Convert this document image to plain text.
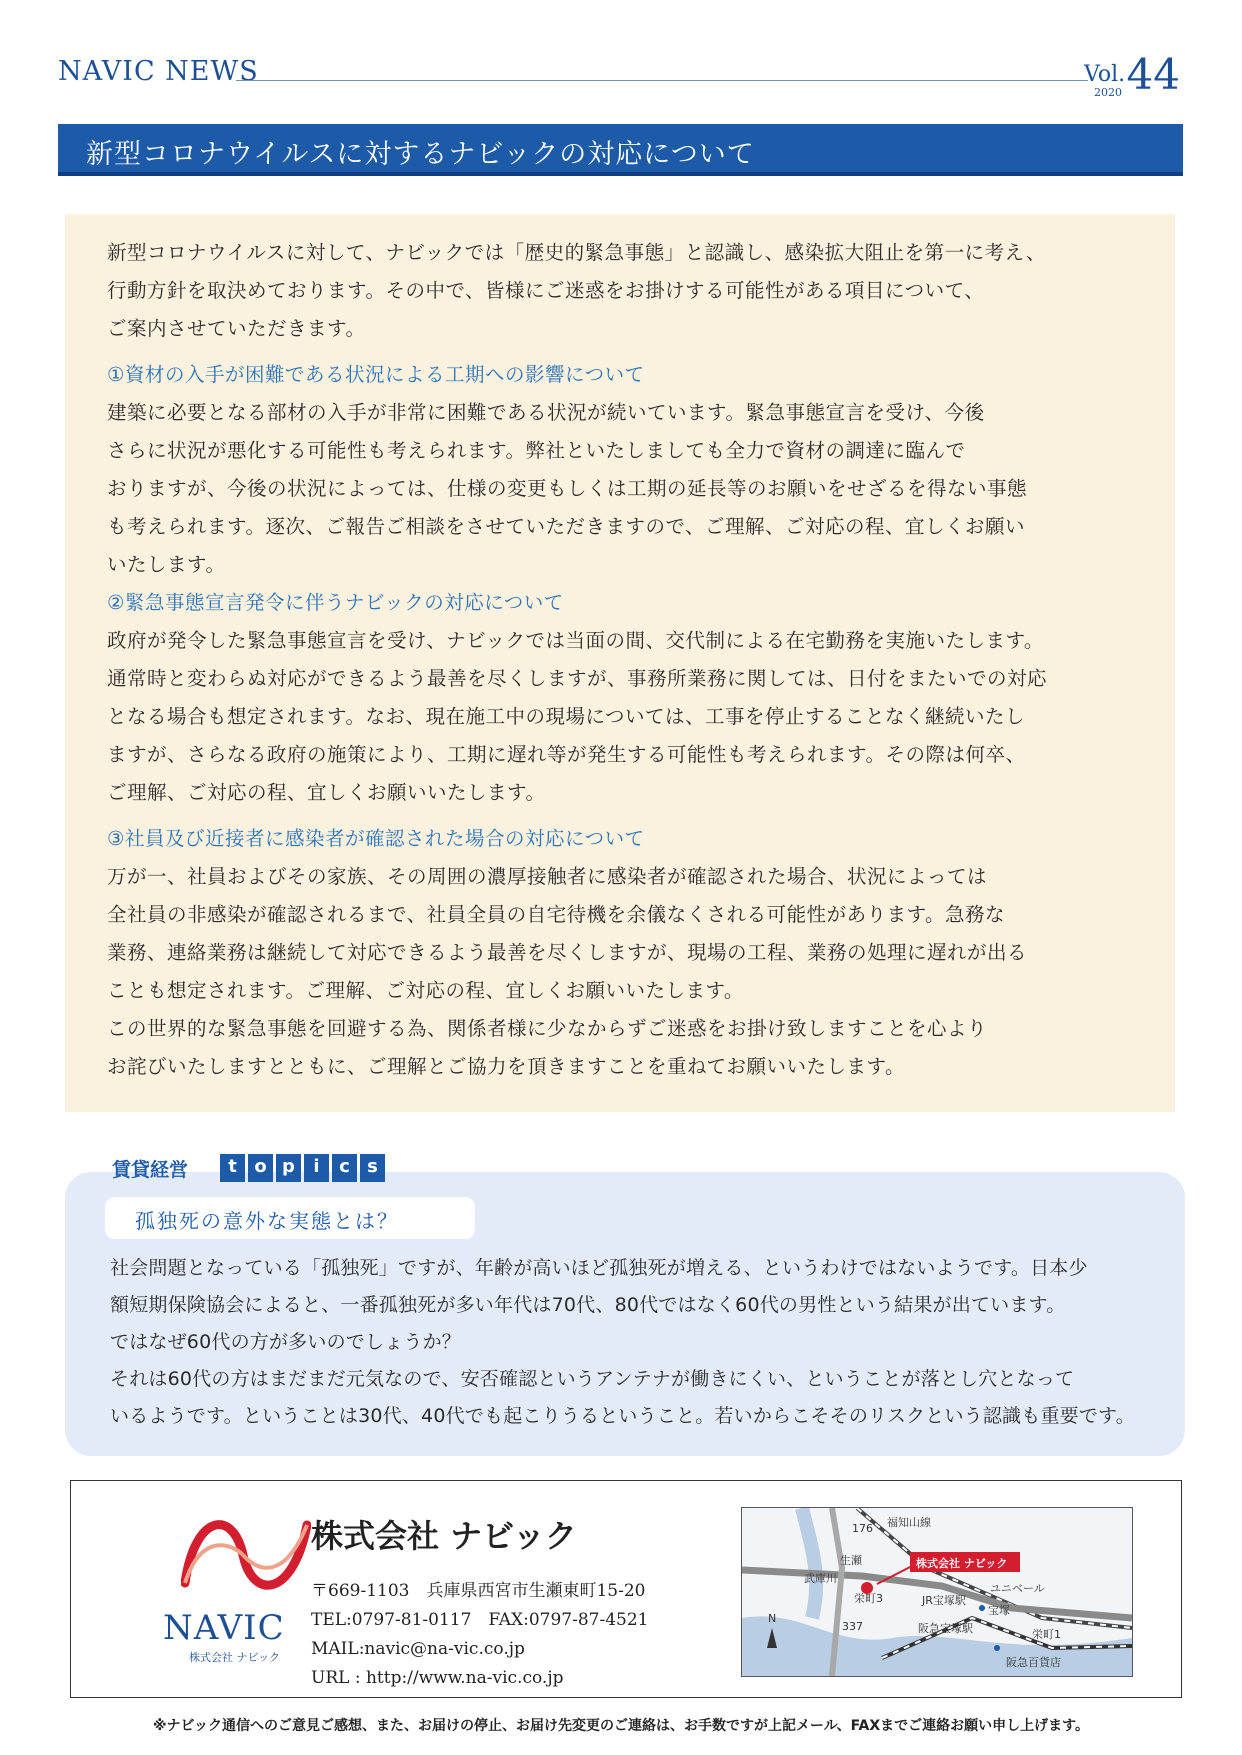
NAVIC NEWS	Vol. 44
2020
新型コロナウイルスに対するナビックの対応について

新型コロナウイルスに対して、ナビックでは「歴史的緊急事態」と認識し、感染拡大阻止を第一に考え、

行動方針を取決めております。その中で、皆様にご迷惑をお掛けする可能性がある項目について、

ご案内させていただきます。

①資材の入手が困難である状況による工期への影響について

建築に必要となる部材の入手が非常に困難である状況が続いています。緊急事態宣言を受け、今後

さらに状況が悪化する可能性も考えられます。弊社といたしましても全力で資材の調達に臨んで

おりますが、今後の状況によっては、仕様の変更もしくは工期の延長等のお願いをせざるを得ない事態

も考えられます。逐次、ご報告ご相談をさせていただきますので、ご理解、ご対応の程、宜しくお願い

いたします。

②緊急事態宣言発令に伴うナビックの対応について

政府が発令した緊急事態宣言を受け、ナビックでは当面の間、交代制による在宅勤務を実施いたします。

通常時と変わらぬ対応ができるよう最善を尽くしますが、事務所業務に関しては、日付をまたいでの対応

となる場合も想定されます。なお、現在施工中の現場については、工事を停止することなく継続いたし

ますが、さらなる政府の施策により、工期に遅れ等が発生する可能性も考えられます。その際は何卒、

ご理解、ご対応の程、宜しくお願いいたします。

③社員及び近接者に感染者が確認された場合の対応について

万が一、社員およびその家族、その周囲の濃厚接触者に感染者が確認された場合、状況によっては

全社員の非感染が確認されるまで、社員全員の自宅待機を余儀なくされる可能性があります。急務な

業務、連絡業務は継続して対応できるよう最善を尽くしますが、現場の工程、業務の処理に遅れが出る

ことも想定されます。ご理解、ご対応の程、宜しくお願いいたします。

この世界的な緊急事態を回避する為、関係者様に少なからずご迷惑をお掛け致しますことを心より

お詫びいたしますとともに、ご理解とご協力を頂きますことを重ねてお願いいたします。

賃貸経営	t o p	i	c s
孤独死の意外な実態とは？

社会問題となっている「孤独死」ですが、年齢が高いほど孤独死が増える、というわけではないようです。日本少

額短期保険協会によると、一番孤独死が多い年代は70代、80代ではなく60代の男性という結果が出ています。

ではなぜ60代の方が多いのでしょうか？

それは60代の方はまだまだ元気なので、安否確認というアンテナが働きにくい、ということが落とし穴となって

いるようです。ということは30代、40代でも起こりうるということ。若いからこそそのリスクという認識も重要です。

NAVIC
株式会社 ナビック
株式会社 ナビック

〒669-1103　兵庫県西宮市生瀬東町15-20

TEL:0797-81-0117　FAX:0797-87-4521

MAIL:navic@na-vic.co.jp

URL : http://www.na-vic.co.jp

株式会社 ナビック
176 福知山線
生瀬
武庫川
栄町3	JR宝塚駅
ユニベール
宝塚
337	阪急宝塚駅	栄町1
阪急百貨店
N
※ナビック通信へのご意見ご感想、また、お届けの停止、お届け先変更のご連絡は、お手数ですが上記メール、FAXまでご連絡お願い申し上げます。
